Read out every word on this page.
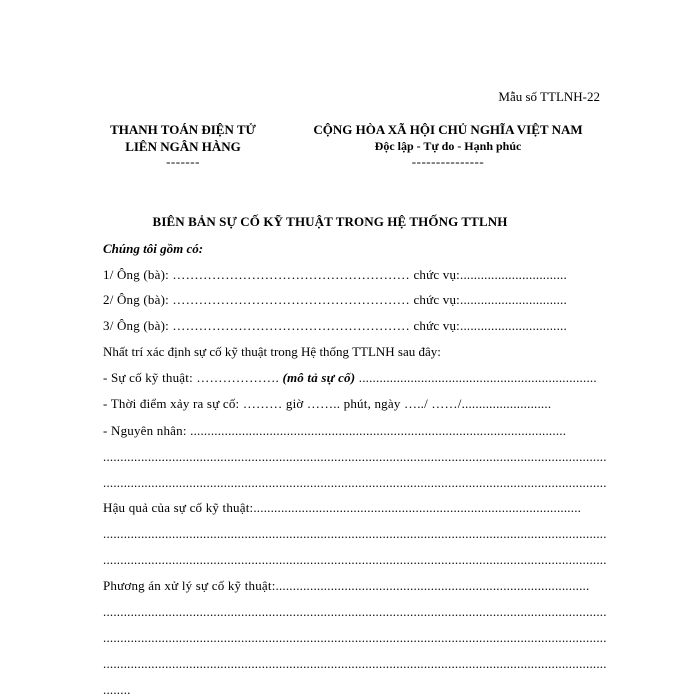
Mẫu số TTLNH-22
THANH TOÁN ĐIỆN TỬ
LIÊN NGÂN HÀNG
-------
CỘNG HÒA XÃ HỘI CHỦ NGHĨA VIỆT NAM
Độc lập - Tự do - Hạnh phúc
---------------
BIÊN BẢN SỰ CỐ KỸ THUẬT TRONG HỆ THỐNG TTLNH
Chúng tôi gồm có:
1/ Ông (bà): ……………………………………………… chức vụ:...............................
2/ Ông (bà): ……………………………………………… chức vụ:...............................
3/ Ông (bà): ……………………………………………… chức vụ:...............................
Nhất trí xác định sự cố kỹ thuật trong Hệ thống TTLNH sau đây:
- Sự cố kỹ thuật: ………………. (mô tả sự cố) .....................................................................
- Thời điểm xảy ra sự cố: ……… giờ …….. phút, ngày …../ ……/..........................
- Nguyên nhân: .............................................................................................................
..................................................................................................................................................
..................................................................................................................................................
Hậu quả của sự cố kỹ thuật:...............................................................................................
..................................................................................................................................................
..................................................................................................................................................
Phương án xử lý sự cố kỹ thuật:...........................................................................................
..................................................................................................................................................
..................................................................................................................................................
..................................................................................................................................................
........
